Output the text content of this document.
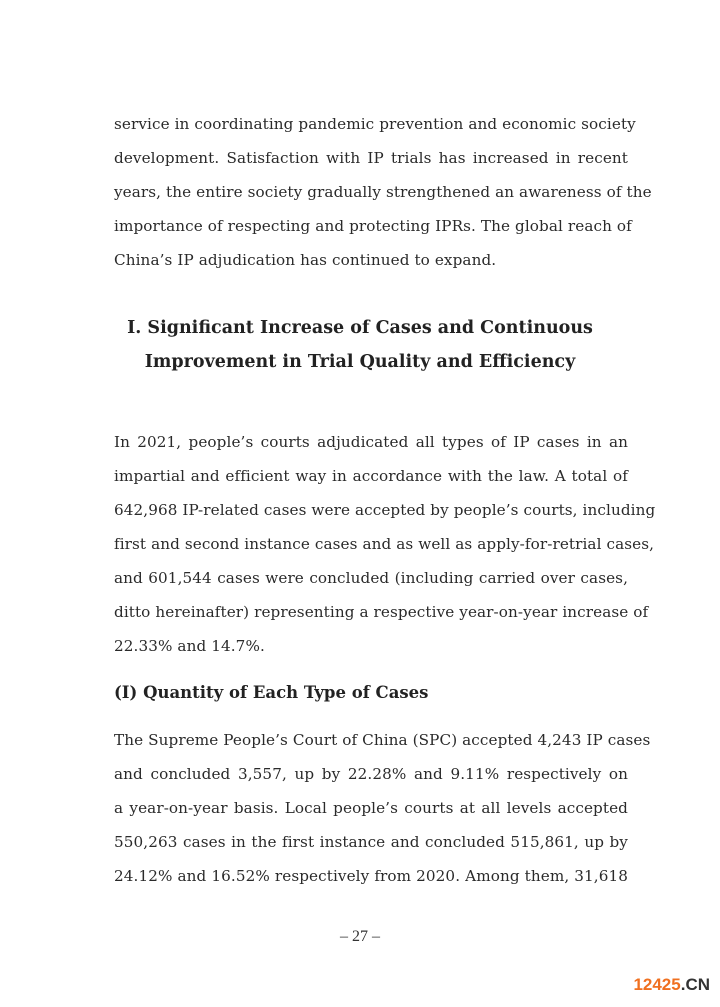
service in coordinating pandemic prevention and economic society
development. Satisfaction with IP trials has increased in recent
years, the entire society gradually strengthened an awareness of the
importance of respecting and protecting IPRs. The global reach of
China’s IP adjudication has continued to expand.
I. Significant Increase of Cases and Continuous
Improvement in Trial Quality and Efficiency
In 2021, people’s courts adjudicated all types of IP cases in an
impartial and efficient way in accordance with the law. A total of
642,968 IP-related cases were accepted by people’s courts, including
first and second instance cases and as well as apply-for-retrial cases,
and 601,544 cases were concluded (including carried over cases,
ditto hereinafter) representing a respective year-on-year increase of
22.33% and 14.7%.
(I) Quantity of Each Type of Cases
The Supreme People’s Court of China (SPC) accepted 4,243 IP cases
and concluded 3,557, up by 22.28% and 9.11% respectively on
a year-on-year basis. Local people’s courts at all levels accepted
550,263 cases in the first instance and concluded 515,861, up by
24.12% and 16.52% respectively from 2020. Among them, 31,618
– 27 –
12425.CN
